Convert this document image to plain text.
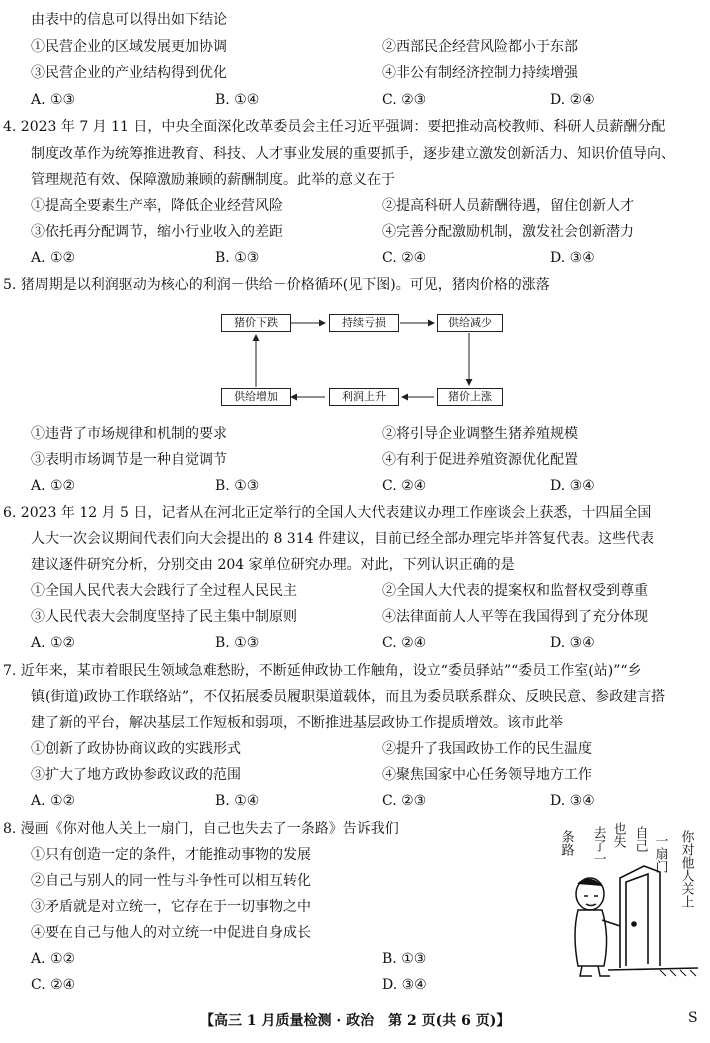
由表中的信息可以得出如下结论
①民营企业的区域发展更加协调	②西部民企经营风险都小于东部
③民营企业的产业结构得到优化	④非公有制经济控制力持续增强
A. ①③	B. ①④	C. ②③	D. ②④
4. 2023 年 7 月 11 日，中央全面深化改革委员会主任习近平强调：要把推动高校教师、科研人员薪酬分配
制度改革作为统筹推进教育、科技、人才事业发展的重要抓手，逐步建立激发创新活力、知识价值导向、
管理规范有效、保障激励兼顾的薪酬制度。此举的意义在于
①提高全要素生产率，降低企业经营风险	②提高科研人员薪酬待遇，留住创新人才
③依托再分配调节，缩小行业收入的差距	④完善分配激励机制，激发社会创新潜力
A. ①②	B. ①③	C. ②④	D. ③④
5. 猪周期是以利润驱动为核心的利润－供给－价格循环(见下图)。可见，猪肉价格的涨落
猪价下跌	持续亏损	供给减少
猪价上涨
利润上升
供给增加
①违背了市场规律和机制的要求	②将引导企业调整生猪养殖规模
③表明市场调节是一种自觉调节	④有利于促进养殖资源优化配置
A. ①②	B. ①③	C. ②④	D. ③④
6. 2023 年 12 月 5 日，记者从在河北正定举行的全国人大代表建议办理工作座谈会上获悉，十四届全国
人大一次会议期间代表们向大会提出的 8 314 件建议，目前已经全部办理完毕并答复代表。这些代表
建议逐件研究分析，分别交由 204 家单位研究办理。对此，下列认识正确的是
①全国人民代表大会践行了全过程人民民主	②全国人大代表的提案权和监督权受到尊重
③人民代表大会制度坚持了民主集中制原则	④法律面前人人平等在我国得到了充分体现
A. ①②	B. ①③	C. ②④	D. ③④
7. 近年来，某市着眼民生领域急难愁盼，不断延伸政协工作触角，设立“委员驿站”“委员工作室(站)”“乡
镇(街道)政协工作联络站”，不仅拓展委员履职渠道载体，而且为委员联系群众、反映民意、参政建言搭
建了新的平台，解决基层工作短板和弱项，不断推进基层政协工作提质增效。该市此举
①创新了政协协商议政的实践形式	②提升了我国政协工作的民生温度
③扩大了地方政协参政议政的范围	④聚焦国家中心任务领导地方工作
A. ①②	B. ①④	C. ②③	D. ③④
8. 漫画《你对他人关上一扇门，自己也失去了一条路》告诉我们
①只有创造一定的条件，才能推动事物的发展
②自己与别人的同一性与斗争性可以相互转化
③矛盾就是对立统一，它存在于一切事物之中
④要在自己与他人的对立统一中促进自身成长
A. ①②	B. ①③
C. ②④	D. ③④
你对他人关上
一扇门
自己
也失
去了一
条路
【高三 1 月质量检测 · 政治　第 2 页(共 6 页)】	S
